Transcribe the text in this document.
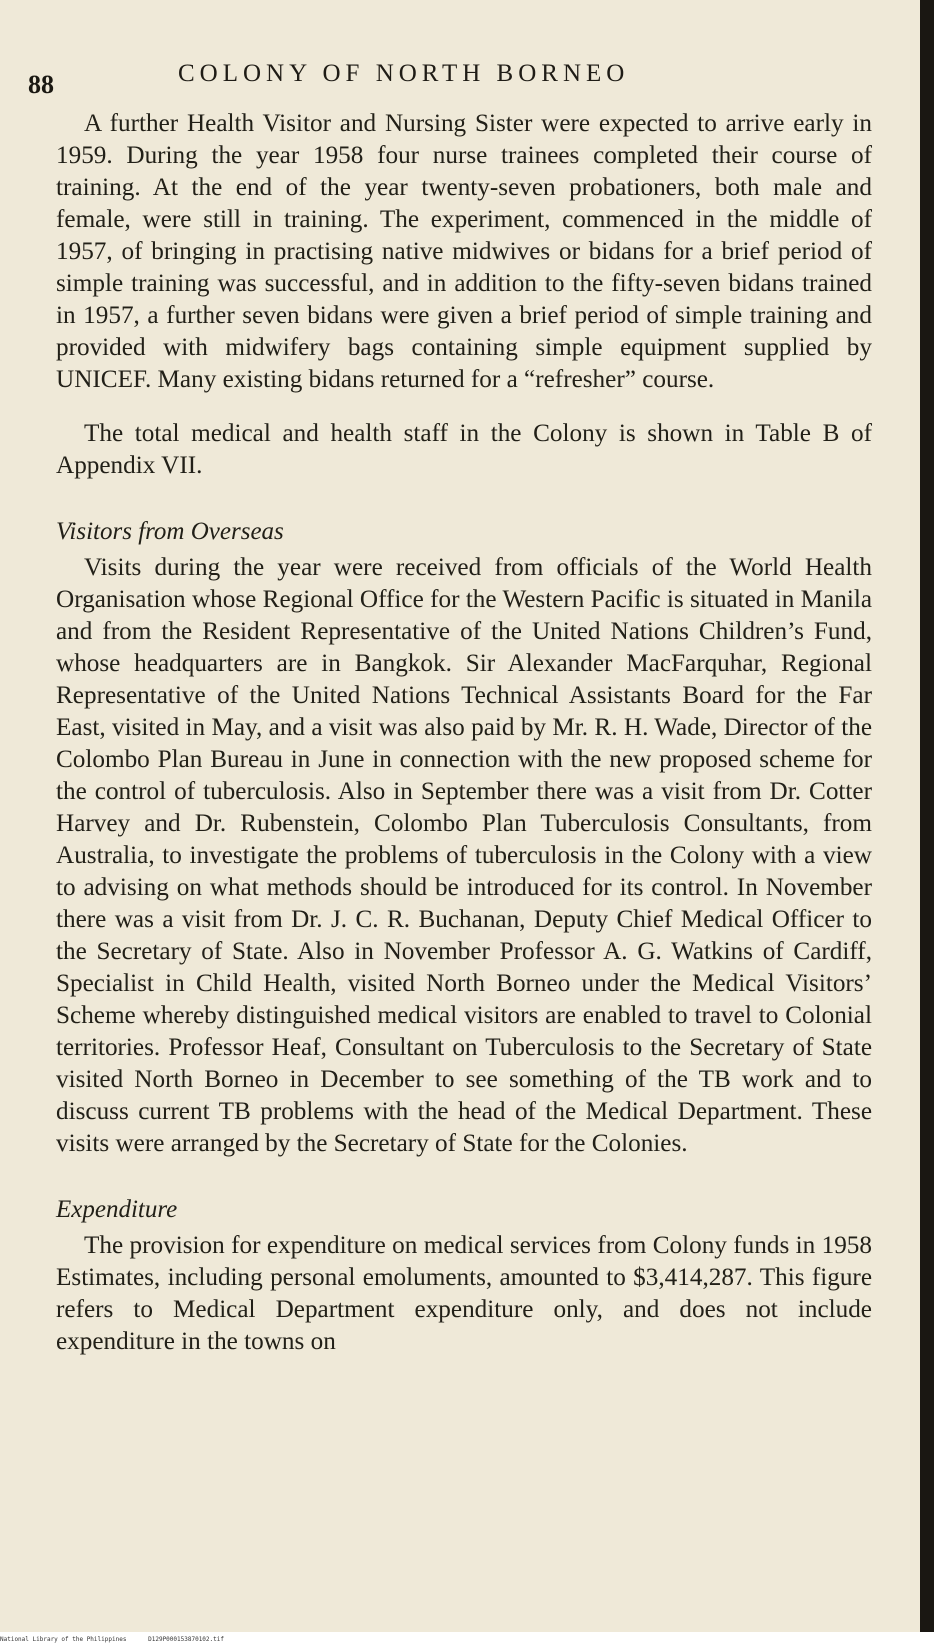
88	COLONY OF NORTH BORNEO

A further Health Visitor and Nursing Sister were expected to arrive early in 1959. During the year 1958 four nurse trainees completed their course of training. At the end of the year twenty-seven probationers, both male and female, were still in training. The experiment, commenced in the middle of 1957, of bringing in practising native midwives or bidans for a brief period of simple training was successful, and in addition to the fifty-seven bidans trained in 1957, a further seven bidans were given a brief period of simple training and provided with midwifery bags containing simple equipment supplied by UNICEF. Many existing bidans returned for a “refresher” course.

The total medical and health staff in the Colony is shown in Table B of Appendix VII.

Visitors from Overseas

Visits during the year were received from officials of the World Health Organisation whose Regional Office for the Western Pacific is situated in Manila and from the Resident Representative of the United Nations Children’s Fund, whose headquarters are in Bangkok. Sir Alexander MacFarquhar, Regional Representative of the United Nations Technical Assistants Board for the Far East, visited in May, and a visit was also paid by Mr. R. H. Wade, Director of the Colombo Plan Bureau in June in connection with the new proposed scheme for the control of tuberculosis. Also in September there was a visit from Dr. Cotter Harvey and Dr. Rubenstein, Colombo Plan Tuberculosis Consultants, from Australia, to investigate the problems of tuberculosis in the Colony with a view to advising on what methods should be introduced for its control. In November there was a visit from Dr. J. C. R. Buchanan, Deputy Chief Medical Officer to the Secretary of State. Also in November Professor A. G. Watkins of Cardiff, Specialist in Child Health, visited North Borneo under the Medical Visitors’ Scheme whereby distinguished medical visitors are enabled to travel to Colonial territories. Professor Heaf, Consultant on Tuberculosis to the Secretary of State visited North Borneo in December to see something of the TB work and to discuss current TB problems with the head of the Medical Department. These visits were arranged by the Secretary of State for the Colonies.

Expenditure

The provision for expenditure on medical services from Colony funds in 1958 Estimates, including personal emoluments, amounted to $3,414,287. This figure refers to Medical Department expenditure only, and does not include expenditure in the towns on

National Library of the Philippines	D129P000153870102.tif
